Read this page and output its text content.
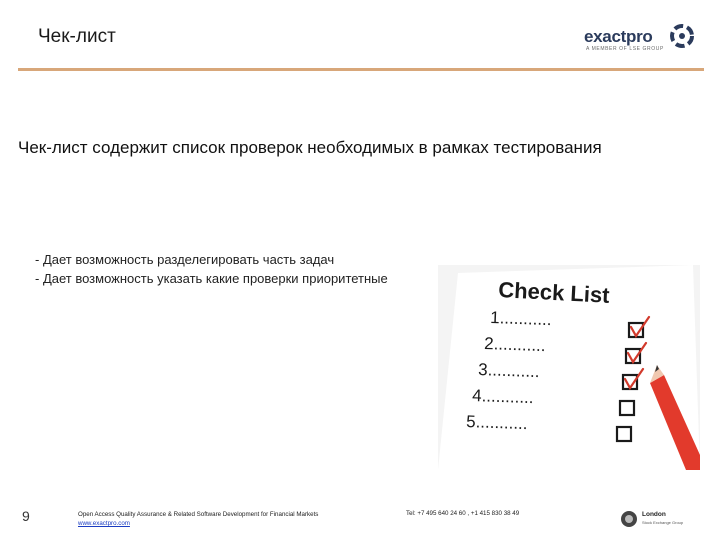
Чек-лист	exactpro
A MEMBER OF LSE GROUP
Чек-лист содержит список проверок необходимых в рамках тестирования
- Дает возможность разделегировать часть задач
- Дает возможность указать какие проверки приоритетные	Check List
1...........
2...........
3...........
4...........
5...........
9	Open Access Quality Assurance & Related Software Development for Financial Markets
www.exactpro.com
Tel: +7 495 640 24 60 , +1 415 830 38 49	London
Stock Exchange Group
